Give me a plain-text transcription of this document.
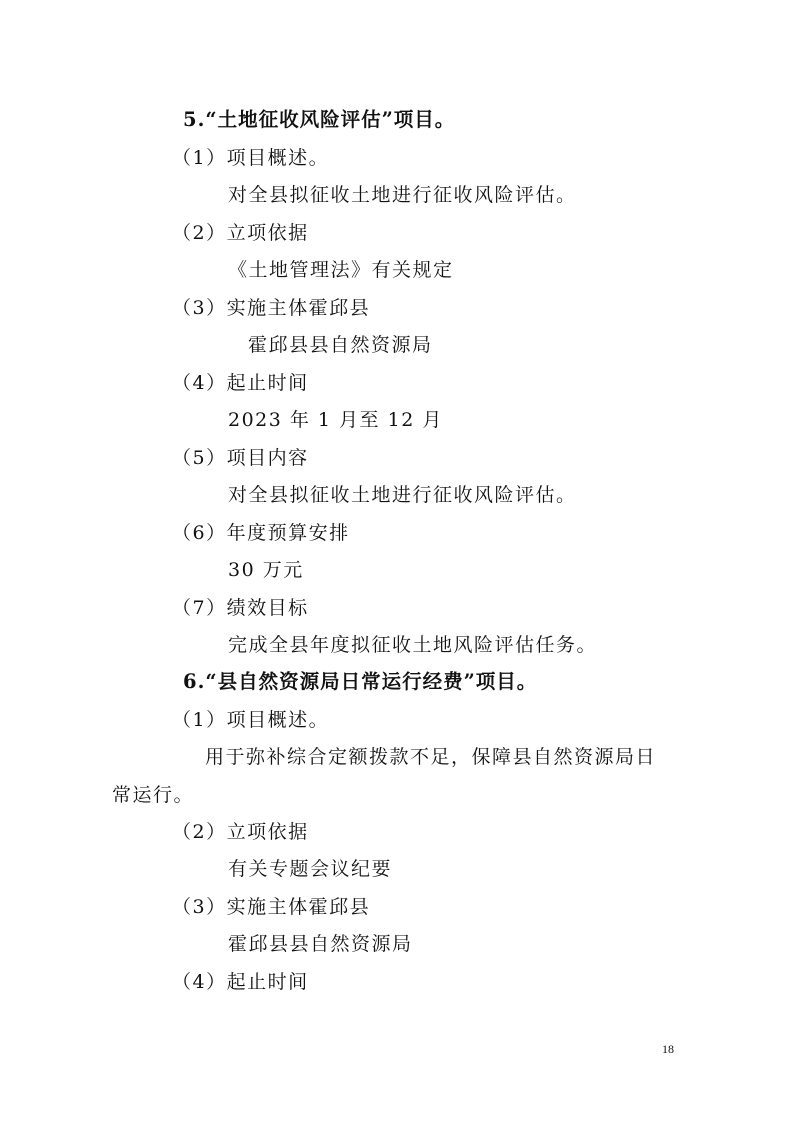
5.“土地征收风险评估”项目。
（1）项目概述。
对全县拟征收土地进行征收风险评估。
（2）立项依据
《土地管理法》有关规定
（3）实施主体霍邱县
霍邱县县自然资源局
（4）起止时间
2023 年 1 月至 12 月
（5）项目内容
对全县拟征收土地进行征收风险评估。
（6）年度预算安排
30 万元
（7）绩效目标
完成全县年度拟征收土地风险评估任务。
6.“县自然资源局日常运行经费”项目。
（1）项目概述。
用于弥补综合定额拨款不足，保障县自然资源局日
常运行。
（2）立项依据
有关专题会议纪要
（3）实施主体霍邱县
霍邱县县自然资源局
（4）起止时间
18
